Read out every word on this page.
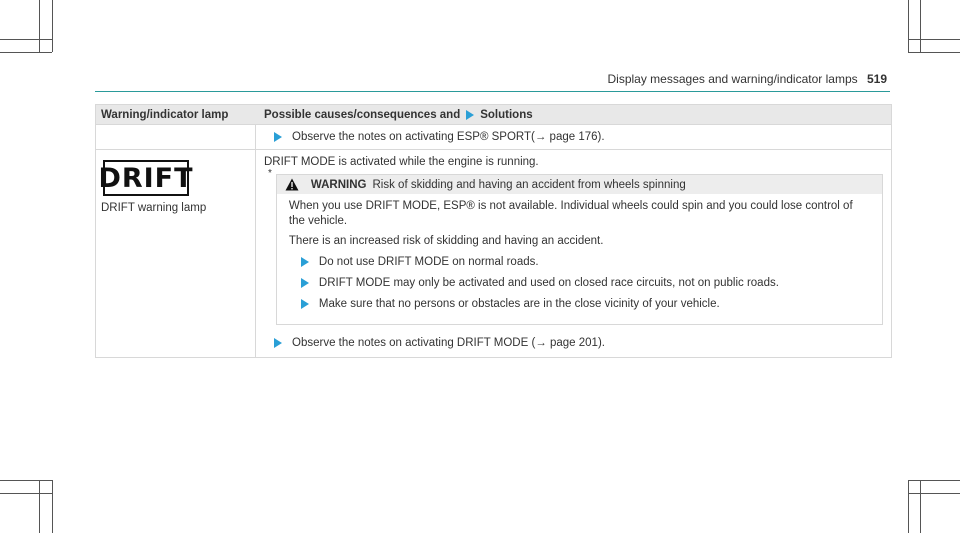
Display messages and warning/indicator lamps 519
Warning/indicator lamp	Possible causes/consequences and Solutions
Observe the notes on activating ESP® SPORT(→ page 176).
DRIFT
DRIFT warning lamp
DRIFT MODE is activated while the engine is running.
*
WARNING Risk of skidding and having an accident from wheels spinning

When you use DRIFT MODE, ESP® is not available. Individual wheels could spin and you could lose control of the vehicle.

There is an increased risk of skidding and having an accident.

Do not use DRIFT MODE on normal roads.
DRIFT MODE may only be activated and used on closed race circuits, not on public roads.
Make sure that no persons or obstacles are in the close vicinity of your vehicle.
Observe the notes on activating DRIFT MODE (→ page 201).
